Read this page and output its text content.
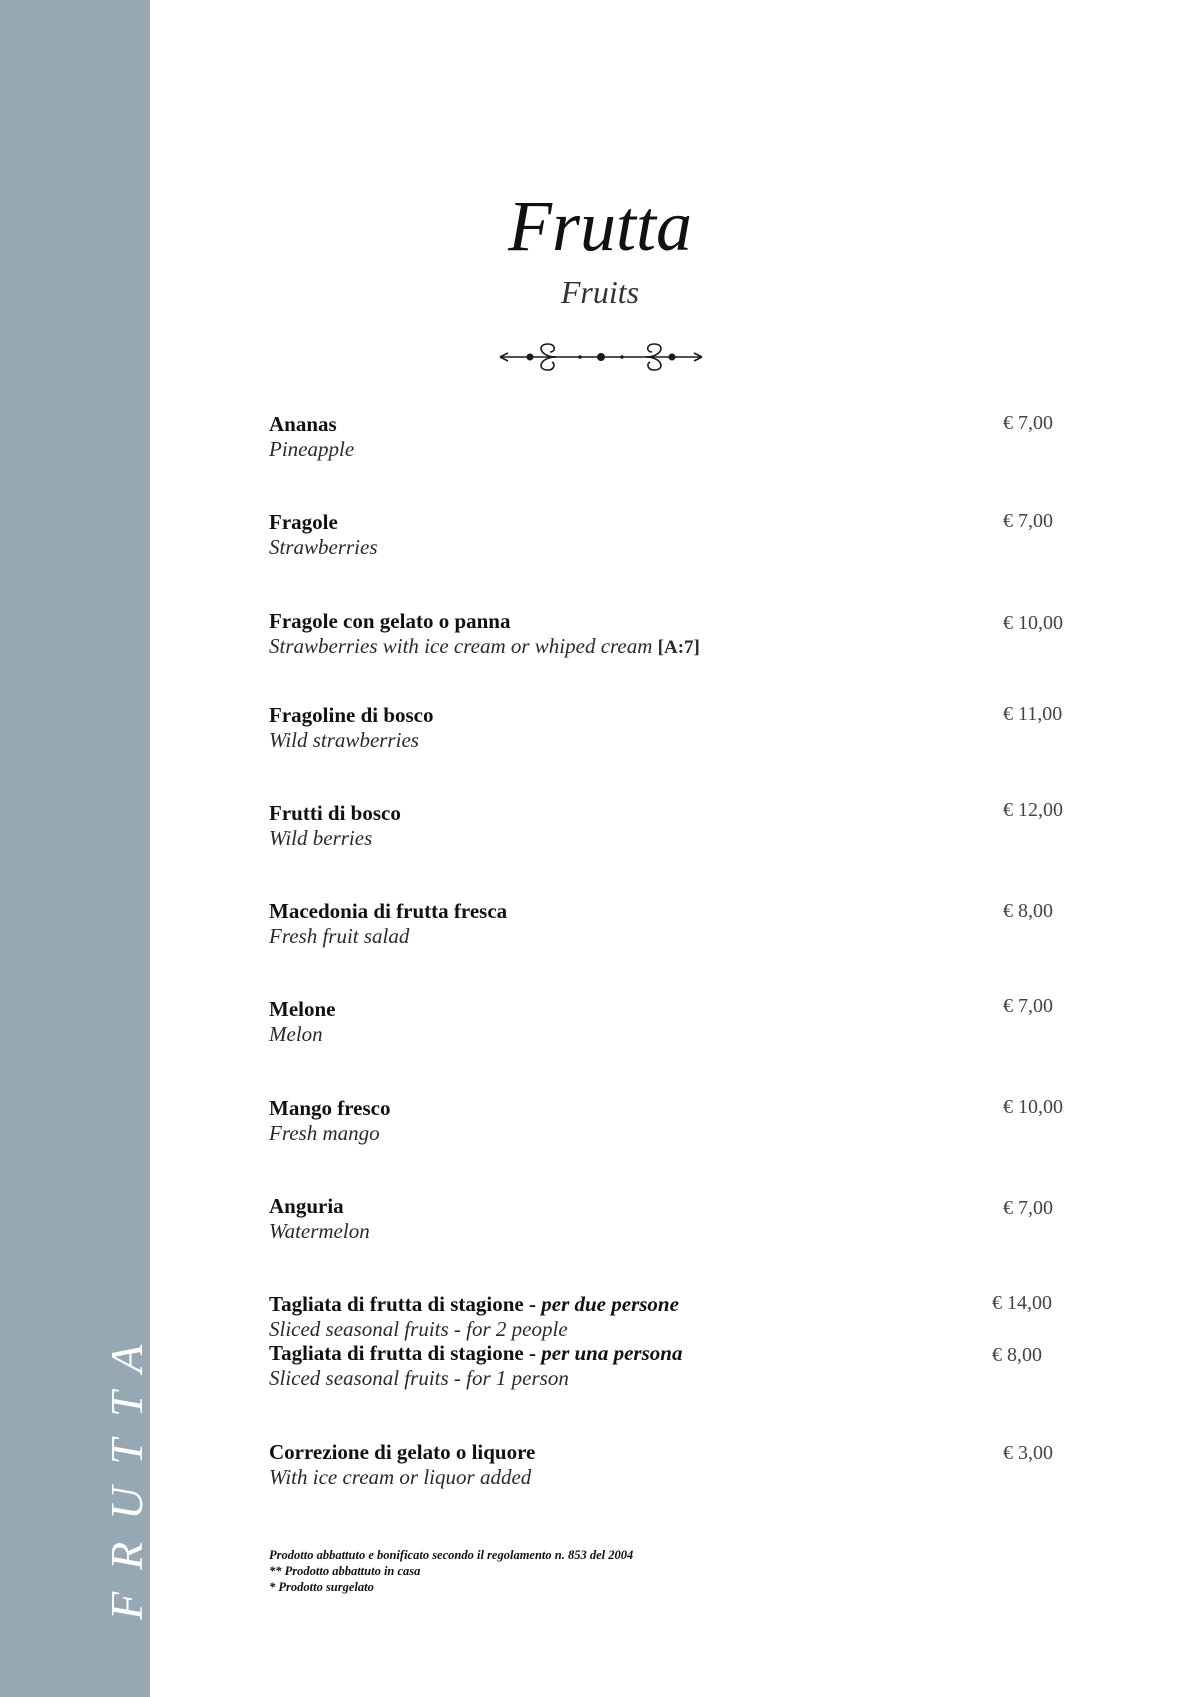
FRUTTA
Frutta
Fruits
Ananas
Pineapple
€ 7,00
Fragole
Strawberries
€ 7,00
Fragole con gelato o panna
Strawberries with ice cream or whiped cream [A:7]
€ 10,00
Fragoline di bosco
Wild strawberries
€ 11,00
Frutti di bosco
Wild berries
€ 12,00
Macedonia di frutta fresca
Fresh fruit salad
€ 8,00
Melone
Melon
€ 7,00
Mango fresco
Fresh mango
€ 10,00
Anguria
Watermelon
€ 7,00
Tagliata di frutta di stagione - per due persone
Sliced seasonal fruits - for 2 people
€ 14,00
Tagliata di frutta di stagione - per una persona
Sliced seasonal fruits - for 1 person
€ 8,00
Correzione di gelato o liquore
With ice cream or liquor added
€ 3,00
Prodotto abbattuto e bonificato secondo il regolamento n. 853 del 2004
** Prodotto abbattuto in casa
* Prodotto surgelato
